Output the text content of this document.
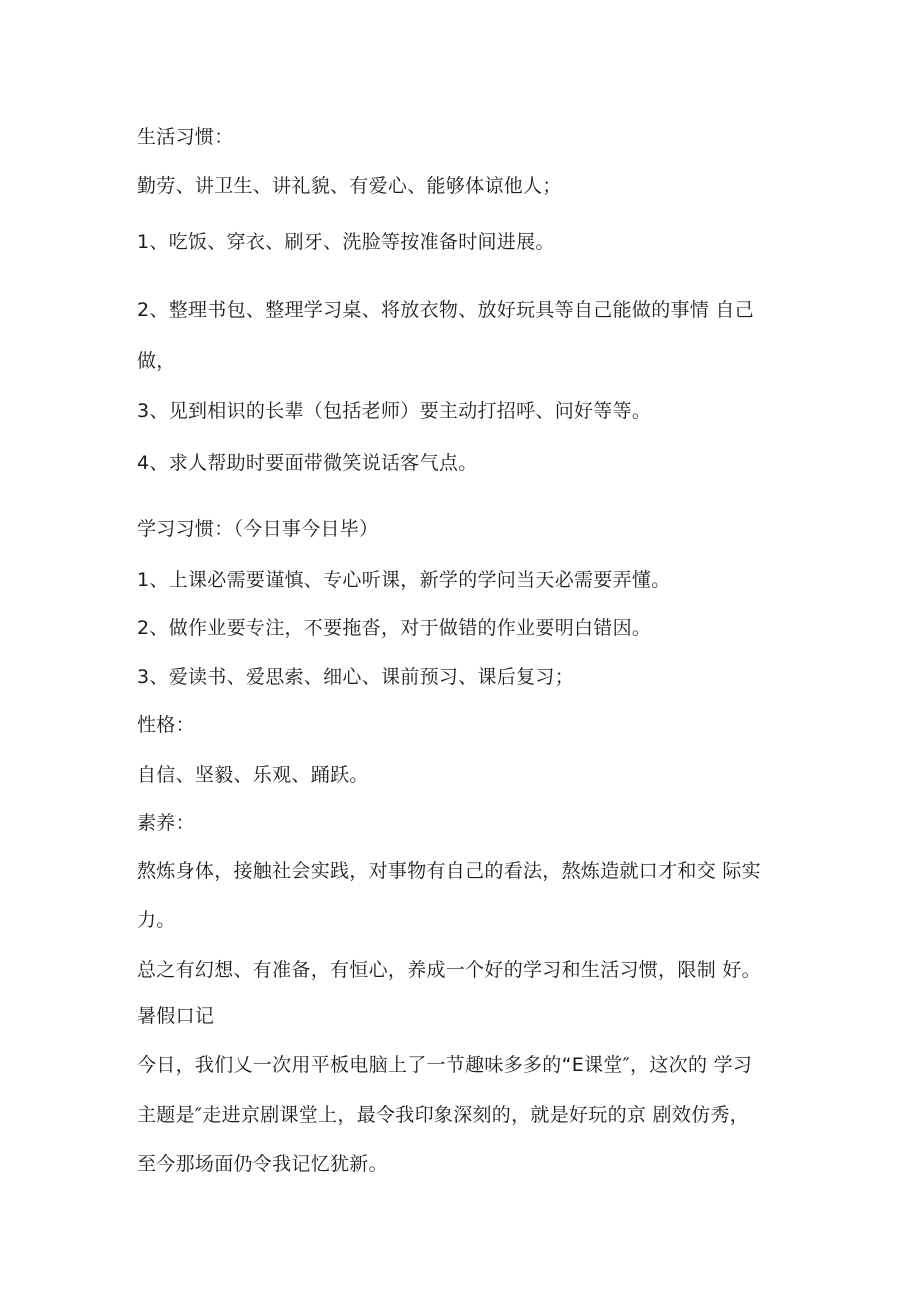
生活习惯：
勤劳、讲卫生、讲礼貌、有爱心、能够体谅他人；
1、吃饭、穿衣、刷牙、洗脸等按准备时间进展。
2、整理书包、整理学习桌、将放衣物、放好玩具等自己能做的事情 自己
做，
3、见到相识的长辈（包括老师）要主动打招呼、问好等等。
4、求人帮助时要面带微笑说话客气点。
学习习惯：（今日事今日毕）
1、上课必需要谨慎、专心听课，新学的学问当天必需要弄懂。
2、做作业要专注，不要拖沓，对于做错的作业要明白错因。
3、爱读书、爱思索、细心、课前预习、课后复习；
性格：
自信、坚毅、乐观、踊跃。
素养：
熬炼身体，接触社会实践，对事物有自己的看法，熬炼造就口才和交 际实
力。
总之有幻想、有准备，有恒心，养成一个好的学习和生活习惯，限制 好。
暑假口记
今日，我们乂一次用平板电脑上了一节趣味多多的“E课堂″，这次的 学习
主题是″走进京剧课堂上，最令我印象深刻的，就是好玩的京 剧效仿秀，
至今那场面仍令我记忆犹新。
